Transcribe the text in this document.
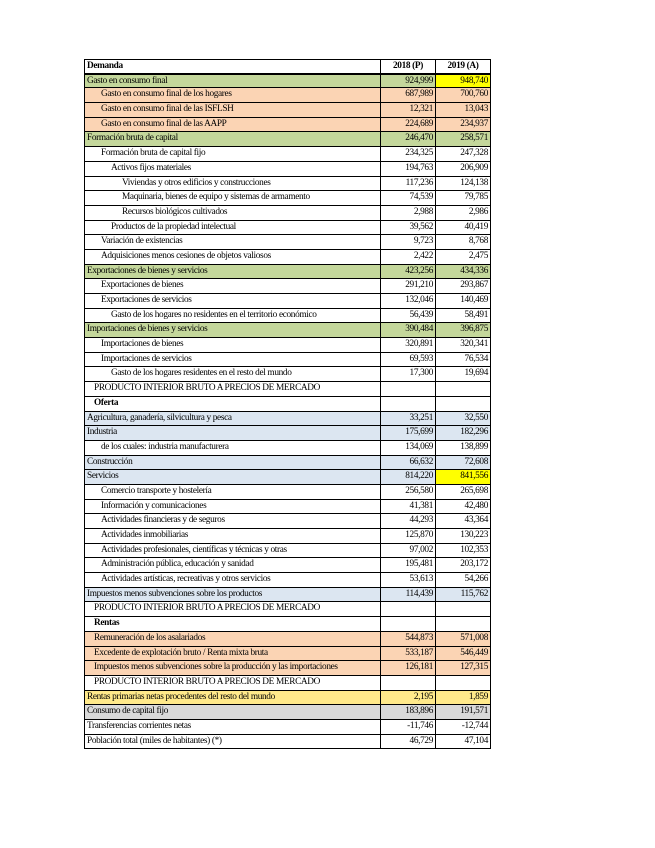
Demanda	2018 (P)	2019 (A)
Gasto en consumo final	924,999	948,740
Gasto en consumo final de los hogares	687,989	700,760
Gasto en consumo final de las ISFLSH	12,321	13,043
Gasto en consumo final de las AAPP	224,689	234,937
Formación bruta de capital	246,470	258,571
Formación bruta de capital fijo	234,325	247,328
Activos fijos materiales	194,763	206,909
Viviendas y otros edificios y construcciones	117,236	124,138
Maquinaria, bienes de equipo y sistemas de armamento	74,539	79,785
Recursos biológicos cultivados	2,988	2,986
Productos de la propiedad intelectual	39,562	40,419
Variación de existencias	9,723	8,768
Adquisiciones menos cesiones de objetos valiosos	2,422	2,475
Exportaciones de bienes y servicios	423,256	434,336
Exportaciones de bienes	291,210	293,867
Exportaciones de servicios	132,046	140,469
Gasto de los hogares no residentes en el territorio económico	56,439	58,491
Importaciones de bienes y servicios	390,484	396,875
Importaciones de bienes	320,891	320,341
Importaciones de servicios	69,593	76,534
Gasto de los hogares residentes en el resto del mundo	17,300	19,694
PRODUCTO INTERIOR BRUTO A PRECIOS DE MERCADO
Oferta
Agricultura, ganadería, silvicultura y pesca	33,251	32,550
Industria	175,699	182,296
de los cuales: industria manufacturera	134,069	138,899
Construcción	66,632	72,608
Servicios	814,220	841,556
Comercio transporte y hostelería	256,580	265,698
Información y comunicaciones	41,381	42,480
Actividades financieras y de seguros	44,293	43,364
Actividades inmobiliarias	125,870	130,223
Actividades profesionales, científicas y técnicas y otras	97,002	102,353
Administración pública, educación y sanidad	195,481	203,172
Actividades artísticas, recreativas y otros servicios	53,613	54,266
Impuestos menos subvenciones sobre los productos	114,439	115,762
PRODUCTO INTERIOR BRUTO A PRECIOS DE MERCADO
Rentas
Remuneración de los asalariados	544,873	571,008
Excedente de explotación bruto / Renta mixta bruta	533,187	546,449
Impuestos menos subvenciones sobre la producción y las importaciones	126,181	127,315
PRODUCTO INTERIOR BRUTO A PRECIOS DE MERCADO
Rentas primarias netas procedentes del resto del mundo	2,195	1,859
Consumo de capital fijo	183,896	191,571
Transferencias corrientes netas	-11,746	-12,744
Población total (miles de habitantes) (*)	46,729	47,104
